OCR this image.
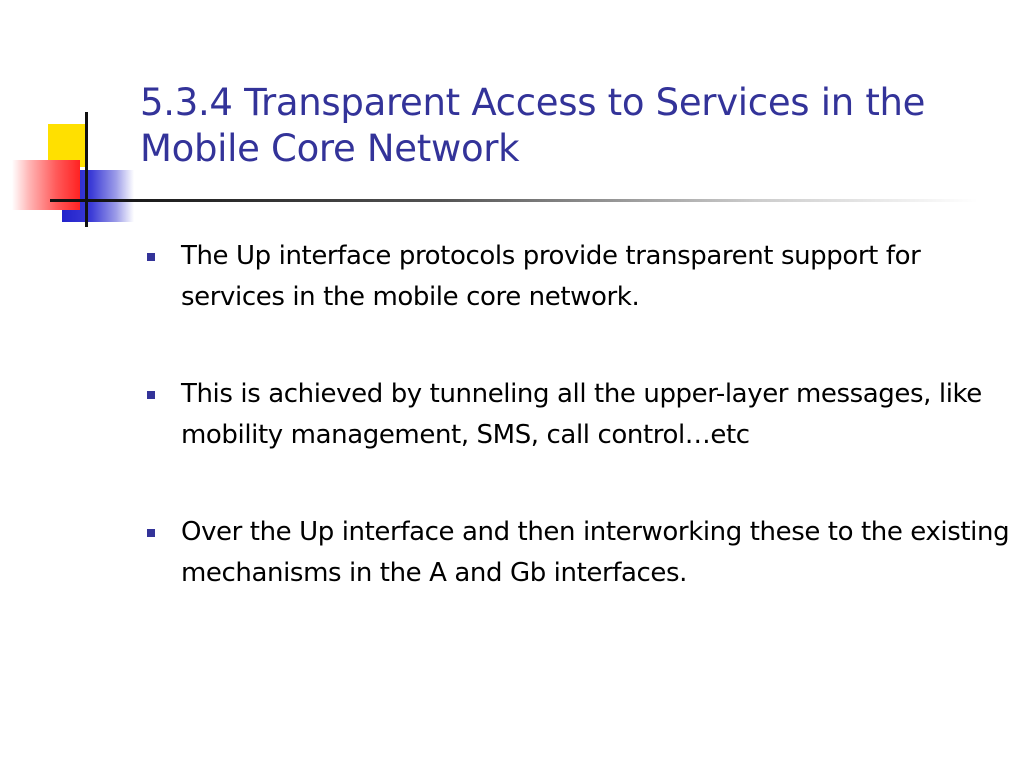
5.3.4 Transparent Access to Services in the Mobile Core Network
The Up interface protocols provide transparent support for services in the mobile core network.
This is achieved by tunneling all the upper-layer messages, like mobility management, SMS, call control…etc
Over the Up interface and then interworking these to the existing mechanisms in the A and Gb interfaces.
